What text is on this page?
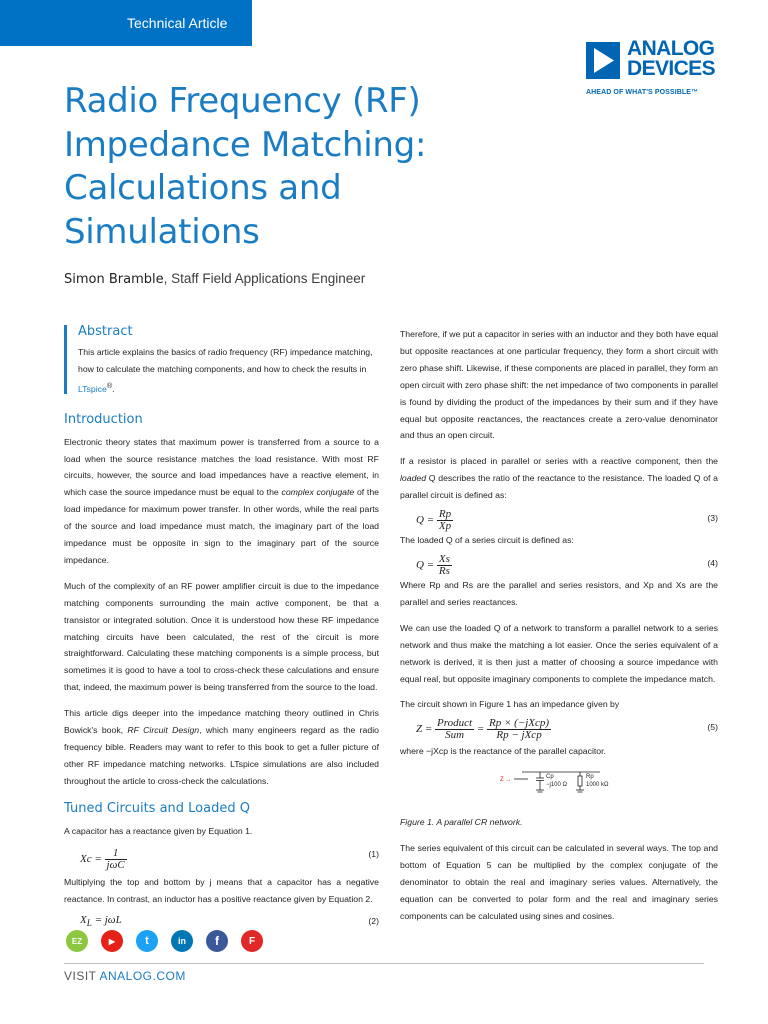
Technical Article
ANALOG
DEVICES
AHEAD OF WHAT'S POSSIBLE™
Radio Frequency (RF)
Impedance Matching:
Calculations and
Simulations
Simon Bramble, Staff Field Applications Engineer
Abstract

This article explains the basics of radio frequency (RF) impedance matching, how to calculate the matching components, and how to check the results in LTspice®.

Introduction

Electronic theory states that maximum power is transferred from a source to a load when the source resistance matches the load resistance. With most RF circuits, however, the source and load impedances have a reactive element, in which case the source impedance must be equal to the complex conjugate of the load impedance for maximum power transfer. In other words, while the real parts of the source and load impedance must match, the imaginary part of the load impedance must be opposite in sign to the imaginary part of the source impedance.

Much of the complexity of an RF power amplifier circuit is due to the impedance matching components surrounding the main active component, be that a transistor or integrated solution. Once it is understood how these RF impedance matching circuits have been calculated, the rest of the circuit is more straightforward. Calculating these matching components is a simple process, but sometimes it is good to have a tool to cross-check these calculations and ensure that, indeed, the maximum power is being transferred from the source to the load.

This article digs deeper into the impedance matching theory outlined in Chris Bowick's book, RF Circuit Design, which many engineers regard as the radio frequency bible. Readers may want to refer to this book to get a fuller picture of other RF impedance matching networks. LTspice simulations are also included throughout the article to cross-check the calculations.

Tuned Circuits and Loaded Q

A capacitor has a reactance given by Equation 1.

$Xc = \frac{1}{\text{jωC}}$	(1)

Multiplying the top and bottom by j means that a capacitor has a negative reactance. In contrast, an inductor has a positive reactance given by Equation 2.

$X_L = j\omega L$	(2)

Therefore, if we put a capacitor in series with an inductor and they both have equal but opposite reactances at one particular frequency, they form a short circuit with zero phase shift. Likewise, if these components are placed in parallel, they form an open circuit with zero phase shift: the net impedance of two components in parallel is found by dividing the product of the impedances by their sum and if they have equal but opposite reactances, the reactances create a zero-value denominator and thus an open circuit.

If a resistor is placed in parallel or series with a reactive component, then the loaded Q describes the ratio of the reactance to the resistance. The loaded Q of a parallel circuit is defined as:

$Q = \frac{Rp}{Xp}$	(3)

The loaded Q of a series circuit is defined as:

$Q = \frac{Xs}{Rs}$	(4)

Where Rp and Rs are the parallel and series resistors, and Xp and Xs are the parallel and series reactances.

We can use the loaded Q of a network to transform a parallel network to a series network and thus make the matching a lot easier. Once the series equivalent of a network is derived, it is then just a matter of choosing a source impedance with equal real, but opposite imaginary components to complete the impedance match.

The circuit shown in Figure 1 has an impedance given by

$Z = \frac{\text{Product}}{\text{Sum}} = \frac{\text{Rp × (−jXcp)}}{\text{Rp − jXcp}}$	(5)

where −jXcp is the reactance of the parallel capacitor.

Z →	Cp
−j100 Ω
Rp
1000 kΩ

Figure 1. A parallel CR network.

The series equivalent of this circuit can be calculated in several ways. The top and bottom of Equation 5 can be multiplied by the complex conjugate of the denominator to obtain the real and imaginary series values. Alternatively, the equation can be converted to polar form and the real and imaginary series components can be calculated using sines and cosines.

EZ	▶	t	in f	F
VISIT ANALOG.COM
